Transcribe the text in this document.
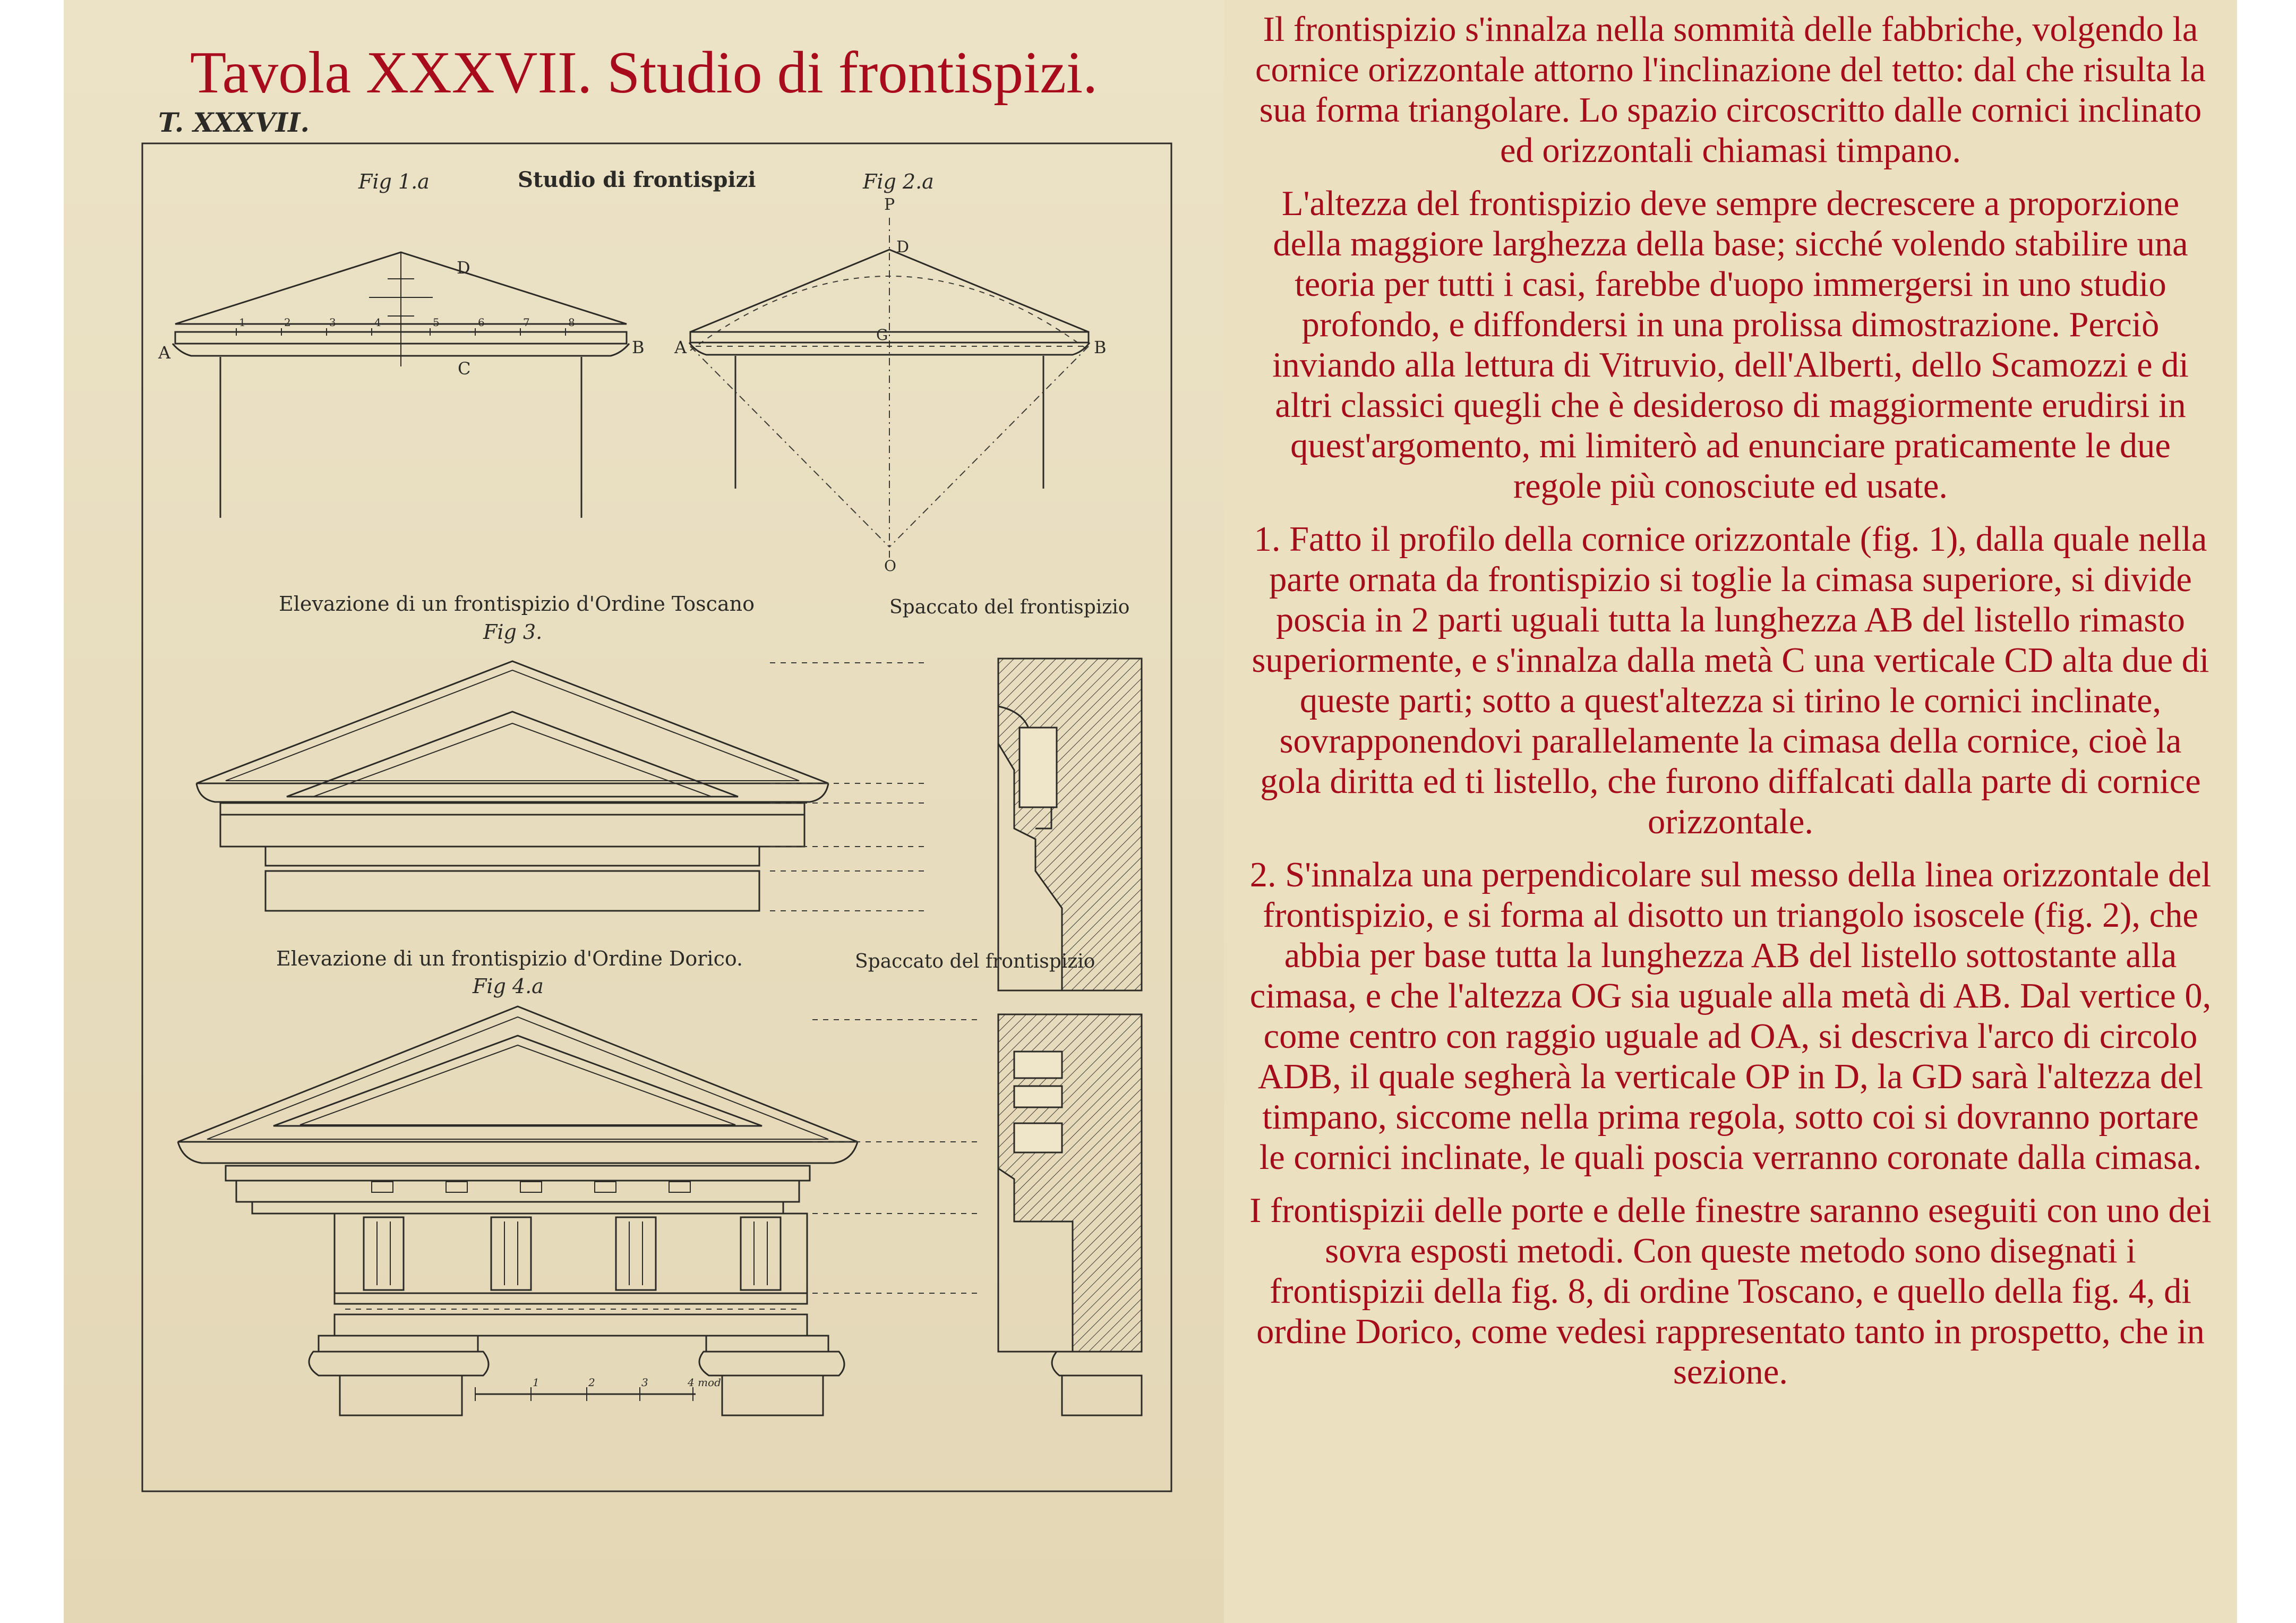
Tavola XXXVII. Studio di frontispizi.
T. XXXVII.
Studio di frontispizi
Fig 1.a	Fig 2.a
1	2	3	4	5	6	7	8
A	B
C
D
P
D
A	B
G
O
Elevazione di un frontispizio d'Ordine Toscano
Fig 3.
Spaccato del frontispizio
Elevazione di un frontispizio d'Ordine Dorico.
Fig 4.a
Spaccato del frontispizio
1	2	3	4 mod

Il frontispizio s'innalza nella sommità delle fabbriche, volgendo la cornice orizzontale attorno l'inclinazione del tetto: dal che risulta la sua forma triangolare. Lo spazio circoscritto dalle cornici inclinato ed orizzontali chiamasi timpano.

L'altezza del frontispizio deve sempre decrescere a proporzione della maggiore larghezza della base; sicché volendo stabilire una teoria per tutti i casi, farebbe d'uopo immergersi in uno studio profondo, e diffondersi in una prolissa dimostrazione. Perciò inviando alla lettura di Vitruvio, dell'Alberti, dello Scamozzi e di altri classici quegli che è desideroso di maggiormente erudirsi in quest'argomento, mi limiterò ad enunciare praticamente le due regole più conosciute ed usate.

1. Fatto il profilo della cornice orizzontale (fig. 1), dalla quale nella parte ornata da frontispizio si toglie la cimasa superiore, si divide poscia in 2 parti uguali tutta la lunghezza AB del listello rimasto superiormente, e s'innalza dalla metà C una verticale CD alta due di queste parti; sotto a quest'altezza si tirino le cornici inclinate, sovrapponendovi parallelamente la cimasa della cornice, cioè la gola diritta ed ti listello, che furono diffalcati dalla parte di cornice orizzontale.

2. S'innalza una perpendicolare sul messo della linea orizzontale del frontispizio, e si forma al disotto un triangolo isoscele (fig. 2), che abbia per base tutta la lunghezza AB del listello sottostante alla cimasa, e che l'altezza OG sia uguale alla metà di AB. Dal vertice 0, come centro con raggio uguale ad OA, si descriva l'arco di circolo ADB, il quale segherà la verticale OP in D, la GD sarà l'altezza del timpano, siccome nella prima regola, sotto coi si dovranno portare le cornici inclinate, le quali poscia verranno coronate dalla cimasa.

I frontispizii delle porte e delle finestre saranno eseguiti con uno dei sovra esposti metodi. Con queste metodo sono disegnati i frontispizii della fig. 8, di ordine Toscano, e quello della fig. 4, di ordine Dorico, come vedesi rappresentato tanto in prospetto, che in sezione.
